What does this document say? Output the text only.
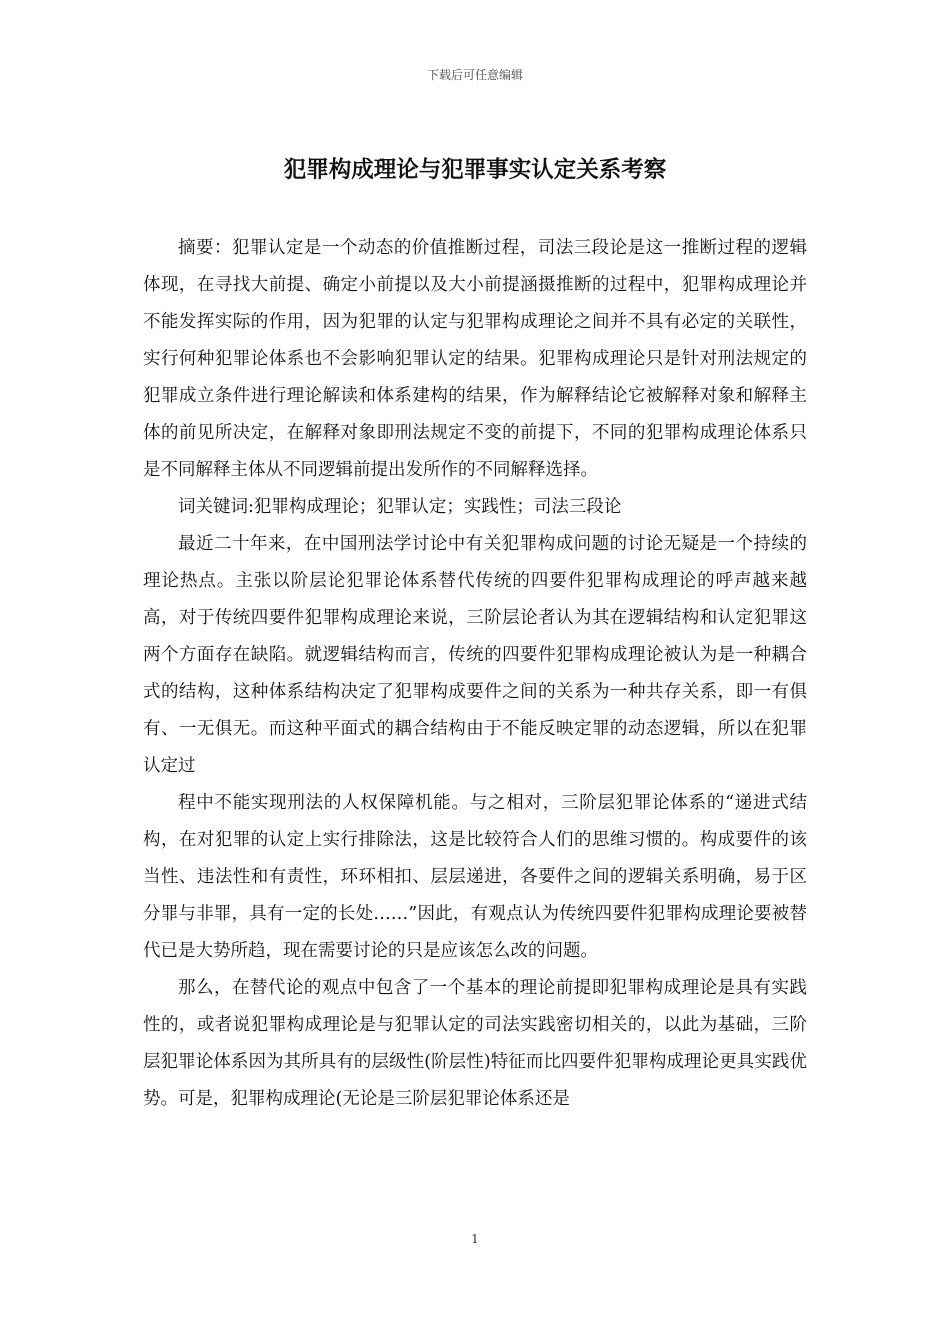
下载后可任意编辑
犯罪构成理论与犯罪事实认定关系考察

摘要：犯罪认定是一个动态的价值推断过程，司法三段论是这一推断过程的逻辑体现，在寻找大前提、确定小前提以及大小前提涵摄推断的过程中，犯罪构成理论并不能发挥实际的作用，因为犯罪的认定与犯罪构成理论之间并不具有必定的关联性，实行何种犯罪论体系也不会影响犯罪认定的结果。犯罪构成理论只是针对刑法规定的犯罪成立条件进行理论解读和体系建构的结果，作为解释结论它被解释对象和解释主体的前见所决定，在解释对象即刑法规定不变的前提下，不同的犯罪构成理论体系只是不同解释主体从不同逻辑前提出发所作的不同解释选择。

词关键词:犯罪构成理论；犯罪认定；实践性；司法三段论

最近二十年来，在中国刑法学讨论中有关犯罪构成问题的讨论无疑是一个持续的理论热点。主张以阶层论犯罪论体系替代传统的四要件犯罪构成理论的呼声越来越高，对于传统四要件犯罪构成理论来说，三阶层论者认为其在逻辑结构和认定犯罪这两个方面存在缺陷。就逻辑结构而言，传统的四要件犯罪构成理论被认为是一种耦合式的结构，这种体系结构决定了犯罪构成要件之间的关系为一种共存关系，即一有俱有、一无俱无。而这种平面式的耦合结构由于不能反映定罪的动态逻辑，所以在犯罪认定过

程中不能实现刑法的人权保障机能。与之相对，三阶层犯罪论体系的“递进式结构，在对犯罪的认定上实行排除法，这是比较符合人们的思维习惯的。构成要件的该当性、违法性和有责性，环环相扣、层层递进，各要件之间的逻辑关系明确，易于区分罪与非罪，具有一定的长处……”因此，有观点认为传统四要件犯罪构成理论要被替代已是大势所趋，现在需要讨论的只是应该怎么改的问题。

那么，在替代论的观点中包含了一个基本的理论前提即犯罪构成理论是具有实践性的，或者说犯罪构成理论是与犯罪认定的司法实践密切相关的，以此为基础，三阶层犯罪论体系因为其所具有的层级性(阶层性)特征而比四要件犯罪构成理论更具实践优势。可是，犯罪构成理论(无论是三阶层犯罪论体系还是

1
